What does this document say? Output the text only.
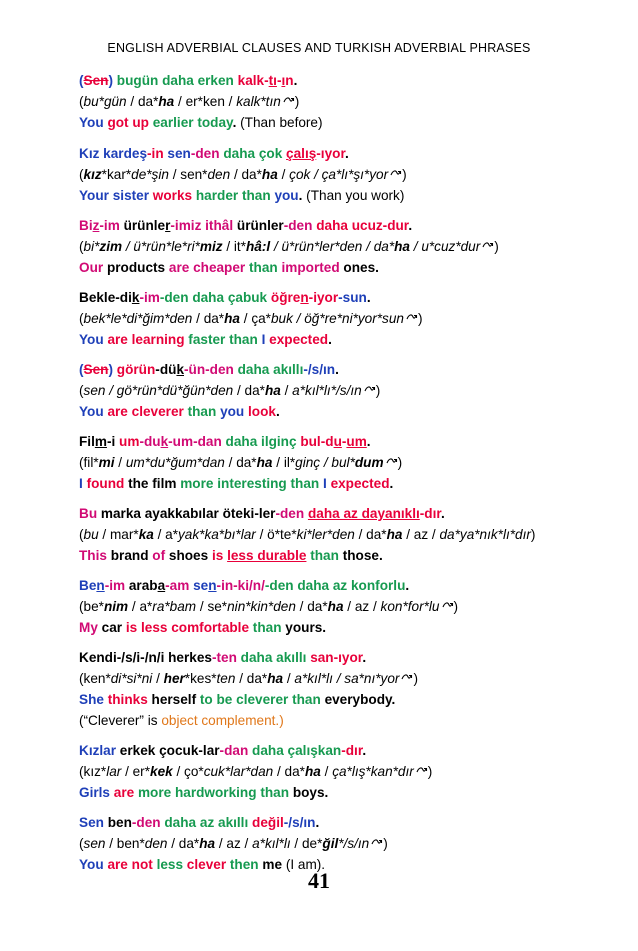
ENGLISH ADVERBIAL CLAUSES AND TURKISH ADVERBIAL PHRASES
(Sen) bugün daha erken kalk-tı-ın.
(bu*gün / da*ha / er*ken / kalk*tın )
You got up earlier today. (Than before)
Kız kardeş-in sen-den daha çok çalış-ıyor.
(kız*kar*de*şin / sen*den / da*ha / çok / ça*lı*şı*yor )
Your sister works harder than you. (Than you work)
Biz-im ürünler-imiz ithâl ürünler-den daha ucuz-dur.
(bi*zim / ü*rün*le*ri*miz / it*hâ:l / ü*rün*ler*den / da*ha / u*cuz*dur )
Our products are cheaper than imported ones.
Bekle-dik-im-den daha çabuk öğren-iyor-sun.
(bek*le*di*ğim*den / da*ha / ça*buk / öğ*re*ni*yor*sun )
You are learning faster than I expected.
(Sen) görün-dük-ün-den daha akıllı-/s/ın.
(sen / gö*rün*dü*ğün*den / da*ha / a*kıl*lı*/s/ın )
You are cleverer than you look.
Film-i um-duk-um-dan daha ilginç bul-du-um.
(fil*mi / um*du*ğum*dan / da*ha / il*ginç / bul*dum )
I found the film more interesting than I expected.
Bu marka ayakkabılar öteki-ler-den daha az dayanıklı-dır.
(bu / mar*ka / a*yak*ka*bı*lar / ö*te*ki*ler*den / da*ha / az / da*ya*nık*lı*dır)
This brand of shoes is less durable than those.
Ben-im araba-am sen-in-ki/n/-den daha az konforlu.
(be*nim / a*ra*bam / se*nin*kin*den / da*ha / az / kon*for*lu )
My car is less comfortable than yours.
Kendi-/s/i-/n/i herkes-ten daha akıllı san-ıyor.
(ken*di*si*ni / her*kes*ten / da*ha / a*kıl*lı / sa*nı*yor )
She thinks herself to be cleverer than everybody.
(“Cleverer” is object complement.)
Kızlar erkek çocuk-lar-dan daha çalışkan-dır.
(kız*lar / er*kek / ço*cuk*lar*dan / da*ha / ça*lış*kan*dır )
Girls are more hardworking than boys.
Sen ben-den daha az akıllı değil-/s/ın.
(sen / ben*den / da*ha / az / a*kıl*lı / de*ğil*/s/ın )
You are not less clever then me (I am).
41
